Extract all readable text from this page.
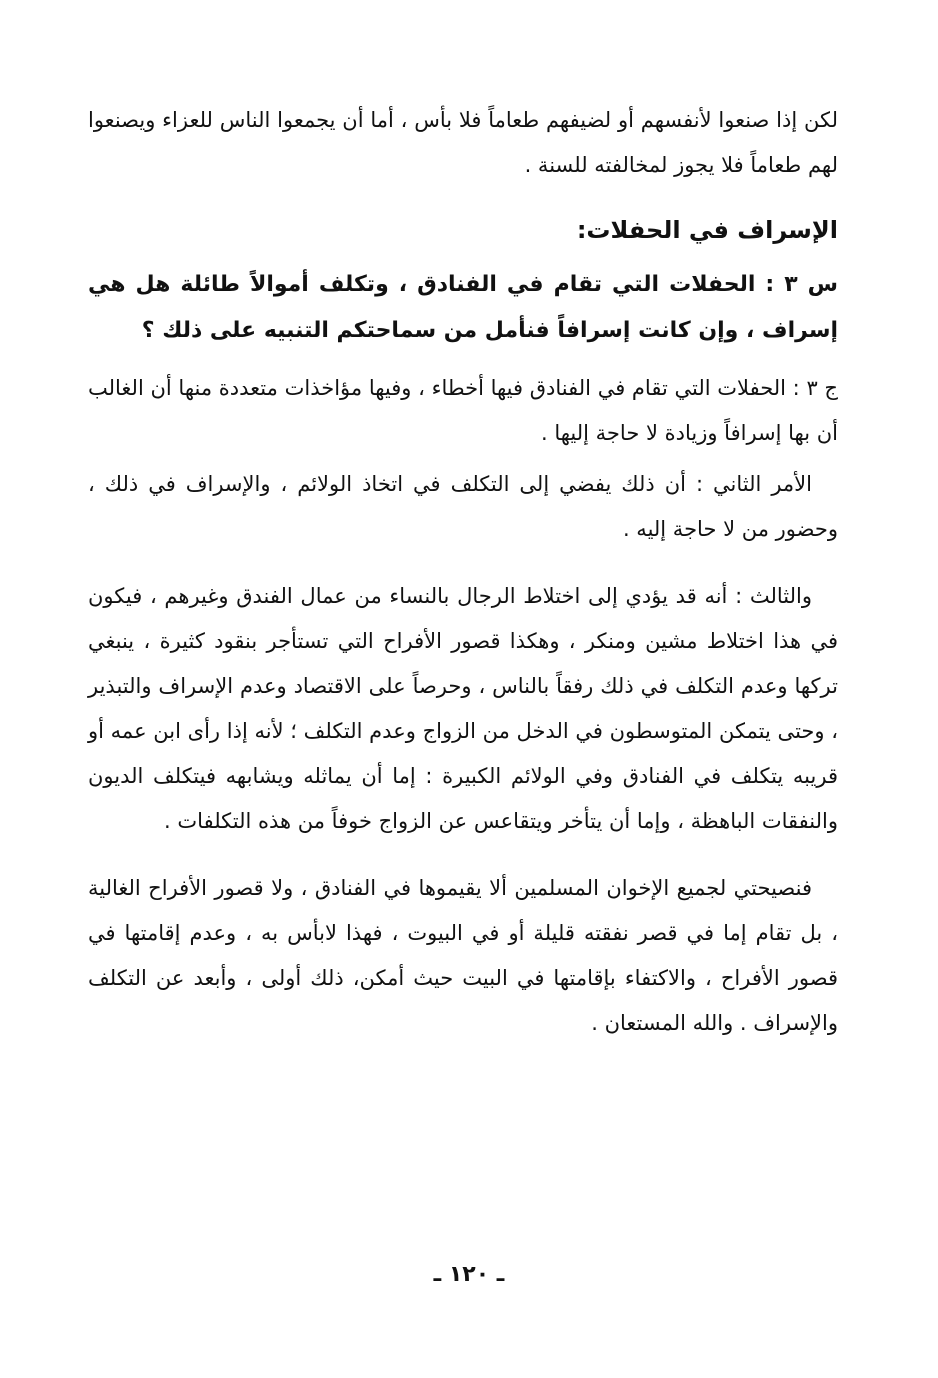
لكن إذا صنعوا لأنفسهم أو لضيفهم طعاماً فلا بأس ، أما أن يجمعوا الناس للعزاء ويصنعوا لهم طعاماً فلا يجوز لمخالفته للسنة .

الإسراف في الحفلات:

س ٣ : الحفلات التي تقام في الفنادق ، وتكلف أموالاً طائلة هل هي إسراف ، وإن كانت إسرافاً فنأمل من سماحتكم التنبيه على ذلك ؟

ج ٣ : الحفلات التي تقام في الفنادق فيها أخطاء ، وفيها مؤاخذات متعددة منها أن الغالب أن بها إسرافاً وزيادة لا حاجة إليها .

الأمر الثاني : أن ذلك يفضي إلى التكلف في اتخاذ الولائم ، والإسراف في ذلك ، وحضور من لا حاجة إليه .

والثالث : أنه قد يؤدي إلى اختلاط الرجال بالنساء من عمال الفندق وغيرهم ، فيكون في هذا اختلاط مشين ومنكر ، وهكذا قصور الأفراح التي تستأجر بنقود كثيرة ، ينبغي تركها وعدم التكلف في ذلك رفقاً بالناس ، وحرصاً على الاقتصاد وعدم الإسراف والتبذير ، وحتى يتمكن المتوسطون في الدخل من الزواج وعدم التكلف ؛ لأنه إذا رأى ابن عمه أو قريبه يتكلف في الفنادق وفي الولائم الكبيرة : إما أن يماثله ويشابهه فيتكلف الديون والنفقات الباهظة ، وإما أن يتأخر ويتقاعس عن الزواج خوفاً من هذه التكلفات .

فنصيحتي لجميع الإخوان المسلمين ألا يقيموها في الفنادق ، ولا قصور الأفراح الغالية ، بل تقام إما في قصر نفقته قليلة أو في البيوت ، فهذا لابأس به ، وعدم إقامتها في قصور الأفراح ، والاكتفاء بإقامتها في البيت حيث أمكن، ذلك أولى ، وأبعد عن التكلف والإسراف . والله المستعان .

ـ ١٢٠ ـ
